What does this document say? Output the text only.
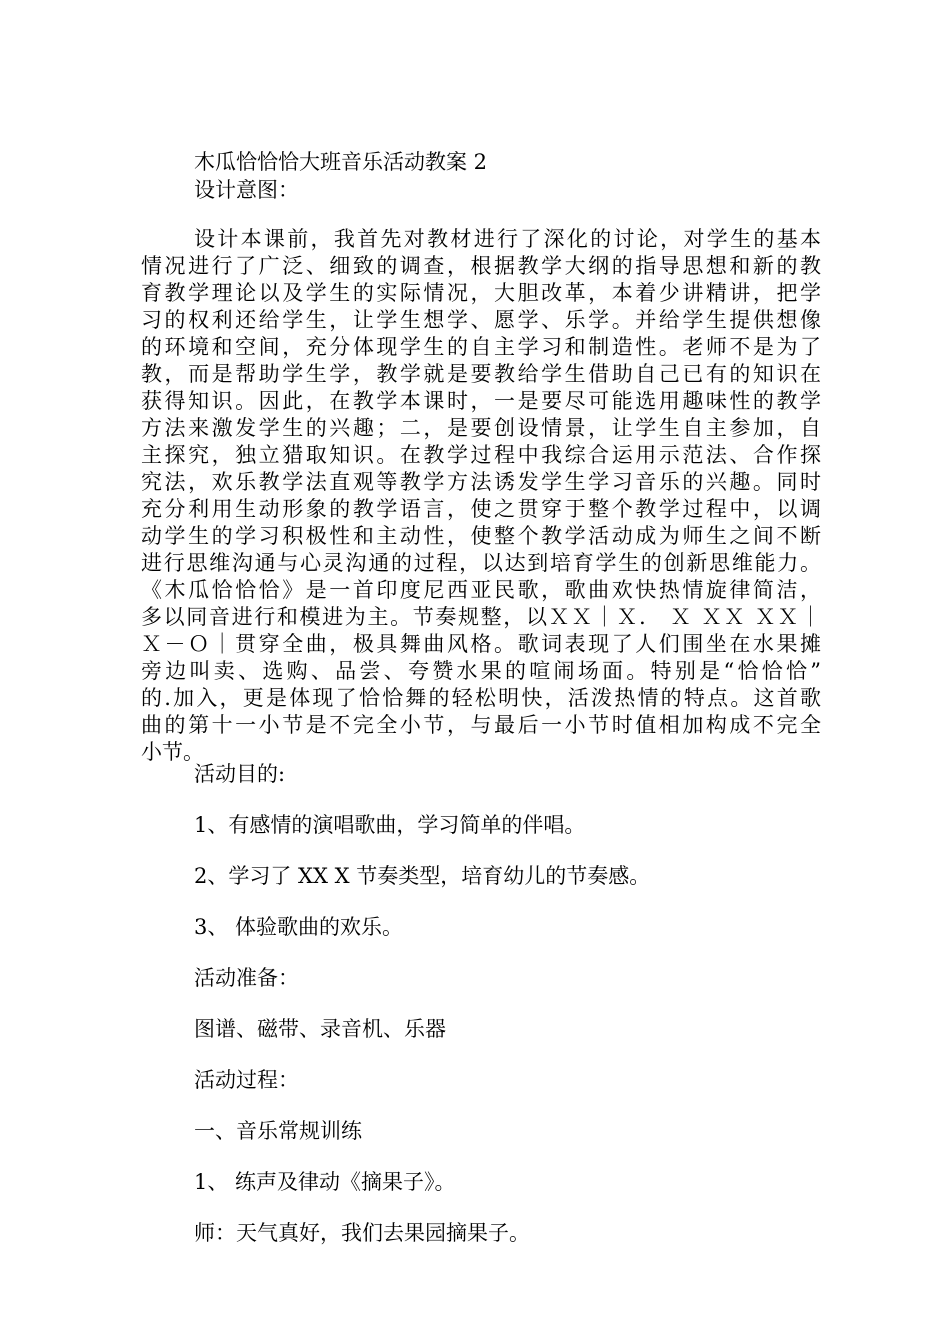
木瓜恰恰恰大班音乐活动教案 2
设计意图：
设计本课前，我首先对教材进行了深化的讨论，对学生的基本
情况进行了广泛、细致的调查，根据教学大纲的指导思想和新的教
育教学理论以及学生的实际情况，大胆改革，本着少讲精讲，把学
习的权利还给学生，让学生想学、愿学、乐学。并给学生提供想像
的环境和空间，充分体现学生的自主学习和制造性。老师不是为了
教，而是帮助学生学，教学就是要教给学生借助自己已有的知识在
获得知识。因此，在教学本课时，一是要尽可能选用趣味性的教学
方法来激发学生的兴趣；二，是要创设情景，让学生自主参加，自
主探究，独立猎取知识。在教学过程中我综合运用示范法、合作探
究法，欢乐教学法直观等教学方法诱发学生学习音乐的兴趣。同时
充分利用生动形象的教学语言，使之贯穿于整个教学过程中，以调
动学生的学习积极性和主动性，使整个教学活动成为师生之间不断
进行思维沟通与心灵沟通的过程，以达到培育学生的创新思维能力。
《木瓜恰恰恰》是一首印度尼西亚民歌，歌曲欢快热情旋律简洁，
多以同音进行和模进为主。节奏规整，以ＸＸ｜Ｘ． Ｘ ＸＸ ＸＸ｜
Ｘ－Ｏ｜贯穿全曲，极具舞曲风格。歌词表现了人们围坐在水果摊
旁边叫卖、选购、品尝、夸赞水果的喧闹场面。特别是“恰恰恰”
的.加入，更是体现了恰恰舞的轻松明快，活泼热情的特点。这首歌
曲的第十一小节是不完全小节，与最后一小节时值相加构成不完全
小节。
活动目的:
1、有感情的演唱歌曲，学习简单的伴唱。
2、学习了 XX X 节奏类型，培育幼儿的节奏感。
3、 体验歌曲的欢乐。
活动准备：
图谱、磁带、录音机、乐器
活动过程：
一、音乐常规训练
1、 练声及律动《摘果子》。
师：天气真好，我们去果园摘果子。
